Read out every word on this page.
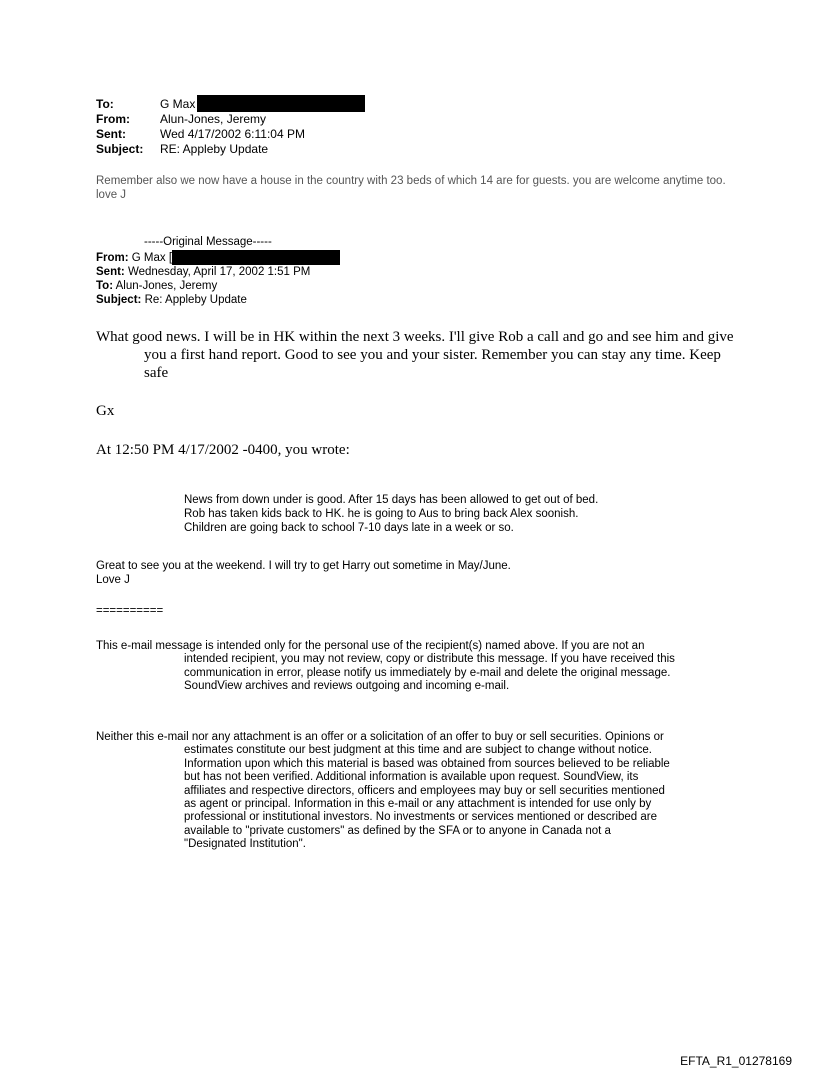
To:	G Max
From:	Alun-Jones, Jeremy
Sent:	Wed 4/17/2002 6:11:04 PM
Subject:	RE: Appleby Update
Remember also we now have a house in the country with 23 beds of which 14 are for guests. you are welcome anytime too.
love J
-----Original Message-----
From: G Max [
Sent: Wednesday, April 17, 2002 1:51 PM
To: Alun-Jones, Jeremy
Subject: Re: Appleby Update

What good news. I will be in HK within the next 3 weeks. I'll give Rob a call and go and see him and give you a first hand report. Good to see you and your sister. Remember you can stay any time. Keep safe

Gx
At 12:50 PM 4/17/2002 -0400, you wrote:
News from down under is good. After 15 days has been allowed to get out of bed.
Rob has taken kids back to HK. he is going to Aus to bring back Alex soonish.
Children are going back to school 7-10 days late in a week or so.
Great to see you at the weekend. I will try to get Harry out sometime in May/June.
Love J
==========

This e-mail message is intended only for the personal use of the recipient(s) named above. If you are not an intended recipient, you may not review, copy or distribute this message. If you have received this communication in error, please notify us immediately by e-mail and delete the original message. SoundView archives and reviews outgoing and incoming e-mail.

Neither this e-mail nor any attachment is an offer or a solicitation of an offer to buy or sell securities. Opinions or estimates constitute our best judgment at this time and are subject to change without notice. Information upon which this material is based was obtained from sources believed to be reliable but has not been verified. Additional information is available upon request. SoundView, its affiliates and respective directors, officers and employees may buy or sell securities mentioned as agent or principal. Information in this e-mail or any attachment is intended for use only by professional or institutional investors. No investments or services mentioned or described are available to "private customers" as defined by the SFA or to anyone in Canada not a "Designated Institution".

EFTA_R1_01278169
